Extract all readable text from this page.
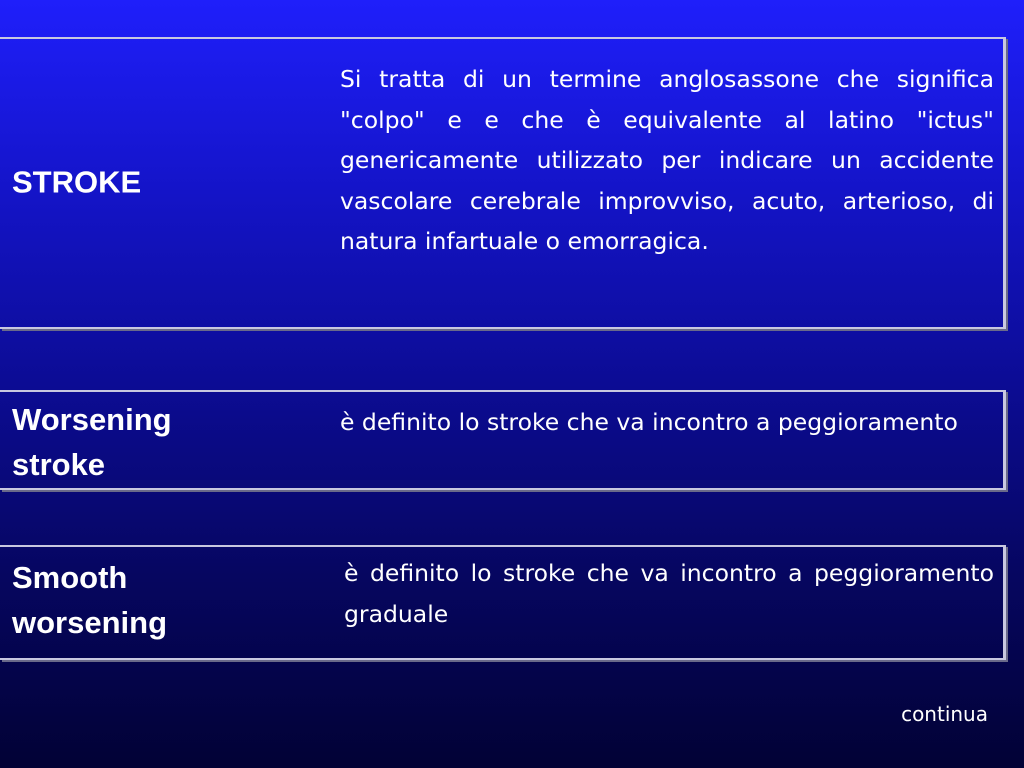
STROKE
Si tratta di un termine anglosassone che significa "colpo" e e che è equivalente al latino "ictus" genericamente utilizzato per indicare un accidente vascolare cerebrale improvviso, acuto, arterioso, di natura infartuale o emorragica.
Worsening stroke
è definito lo stroke che va incontro a peggioramento
Smooth worsening
è definito lo stroke che va incontro a peggioramento graduale
continua
